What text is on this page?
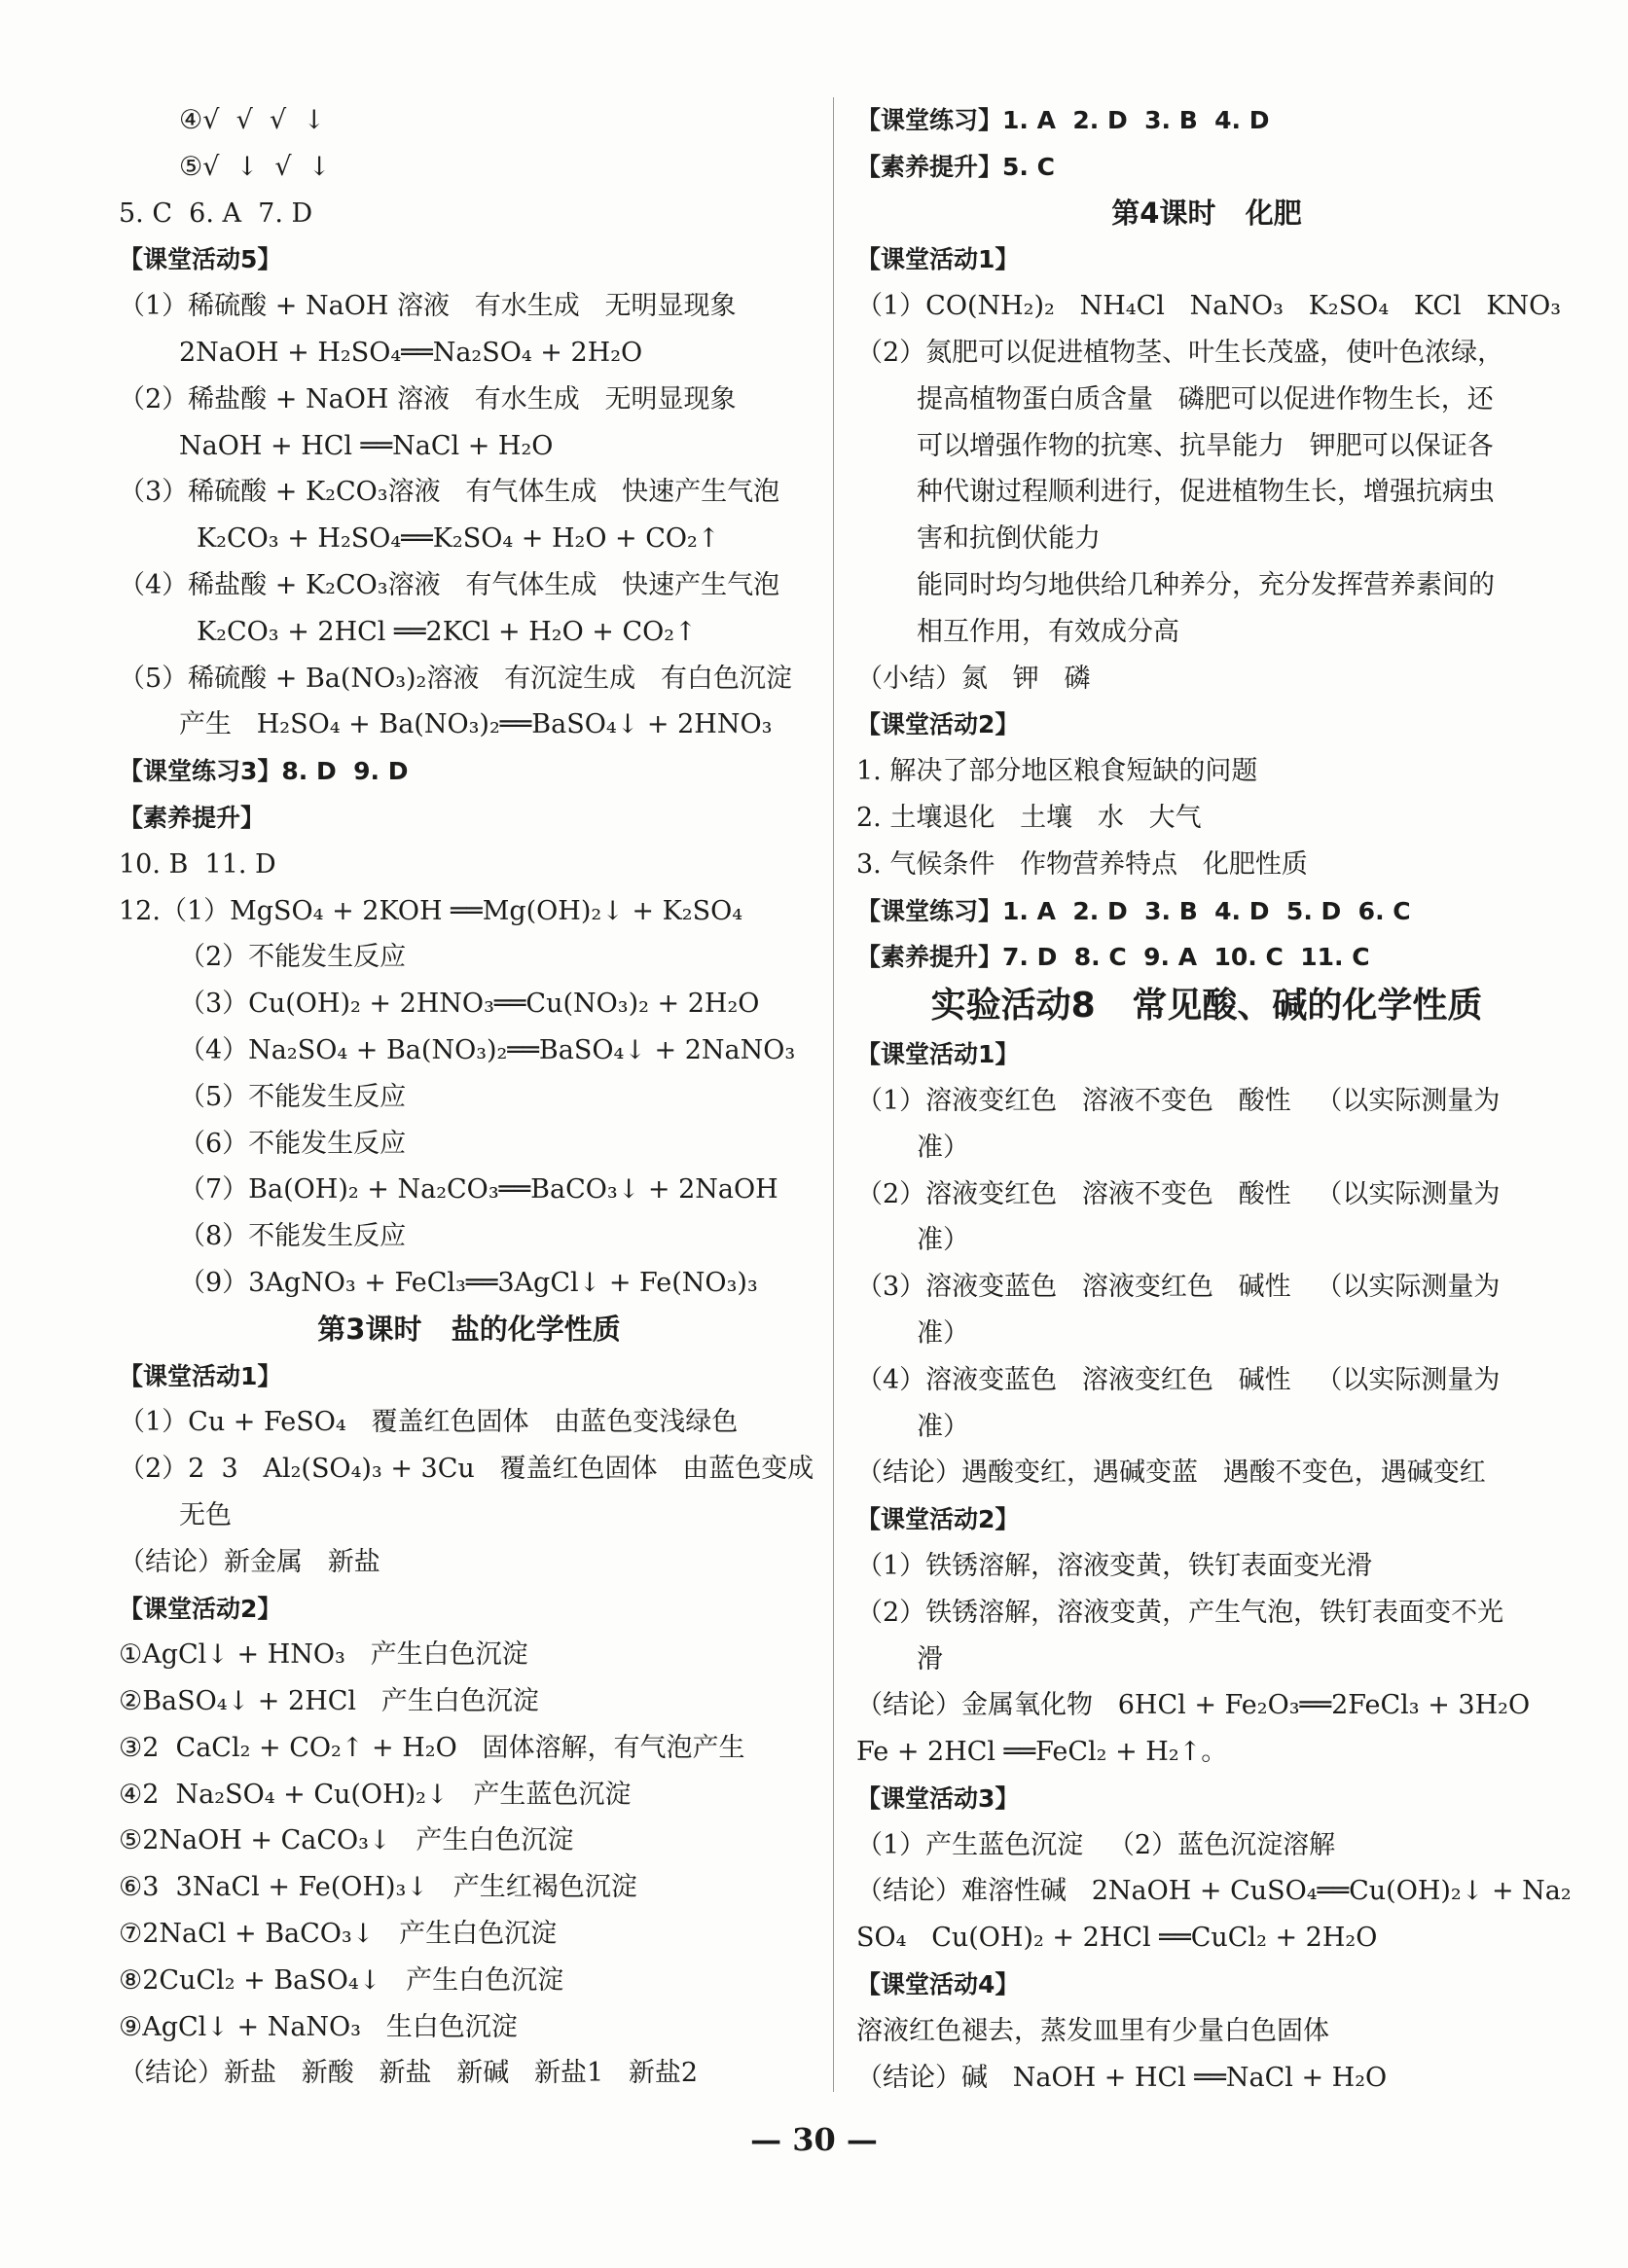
④√  √  √  ↓
⑤√  ↓  √  ↓
5. C  6. A  7. D
【课堂活动5】
（1）稀硫酸 + NaOH 溶液   有水生成   无明显现象
2NaOH + H₂SO₄══Na₂SO₄ + 2H₂O
（2）稀盐酸 + NaOH 溶液   有水生成   无明显现象
NaOH + HCl ══NaCl + H₂O
（3）稀硫酸 + K₂CO₃溶液   有气体生成   快速产生气泡
K₂CO₃ + H₂SO₄══K₂SO₄ + H₂O + CO₂↑
（4）稀盐酸 + K₂CO₃溶液   有气体生成   快速产生气泡
K₂CO₃ + 2HCl ══2KCl + H₂O + CO₂↑
（5）稀硫酸 + Ba(NO₃)₂溶液   有沉淀生成   有白色沉淀
产生   H₂SO₄ + Ba(NO₃)₂══BaSO₄↓ + 2HNO₃
【课堂练习3】8. D  9. D
【素养提升】
10. B  11. D
12.（1）MgSO₄ + 2KOH ══Mg(OH)₂↓ + K₂SO₄
（2）不能发生反应
（3）Cu(OH)₂ + 2HNO₃══Cu(NO₃)₂ + 2H₂O
（4）Na₂SO₄ + Ba(NO₃)₂══BaSO₄↓ + 2NaNO₃
（5）不能发生反应
（6）不能发生反应
（7）Ba(OH)₂ + Na₂CO₃══BaCO₃↓ + 2NaOH
（8）不能发生反应
（9）3AgNO₃ + FeCl₃══3AgCl↓ + Fe(NO₃)₃
第3课时   盐的化学性质
【课堂活动1】
（1）Cu + FeSO₄   覆盖红色固体   由蓝色变浅绿色
（2）2  3   Al₂(SO₄)₃ + 3Cu   覆盖红色固体   由蓝色变成
无色
（结论）新金属   新盐
【课堂活动2】
①AgCl↓ + HNO₃   产生白色沉淀
②BaSO₄↓ + 2HCl   产生白色沉淀
③2  CaCl₂ + CO₂↑ + H₂O   固体溶解，有气泡产生
④2  Na₂SO₄ + Cu(OH)₂↓   产生蓝色沉淀
⑤2NaOH + CaCO₃↓   产生白色沉淀
⑥3  3NaCl + Fe(OH)₃↓   产生红褐色沉淀
⑦2NaCl + BaCO₃↓   产生白色沉淀
⑧2CuCl₂ + BaSO₄↓   产生白色沉淀
⑨AgCl↓ + NaNO₃   生白色沉淀
（结论）新盐   新酸   新盐   新碱   新盐1   新盐2
【课堂练习】1. A  2. D  3. B  4. D
【素养提升】5. C
第4课时   化肥
【课堂活动1】
（1）CO(NH₂)₂   NH₄Cl   NaNO₃   K₂SO₄   KCl   KNO₃
（2）氮肥可以促进植物茎、叶生长茂盛，使叶色浓绿，
提高植物蛋白质含量   磷肥可以促进作物生长，还
可以增强作物的抗寒、抗旱能力   钾肥可以保证各
种代谢过程顺利进行，促进植物生长，增强抗病虫
害和抗倒伏能力
能同时均匀地供给几种养分，充分发挥营养素间的
相互作用，有效成分高
（小结）氮   钾   磷
【课堂活动2】
1. 解决了部分地区粮食短缺的问题
2. 土壤退化   土壤   水   大气
3. 气候条件   作物营养特点   化肥性质
【课堂练习】1. A  2. D  3. B  4. D  5. D  6. C
【素养提升】7. D  8. C  9. A  10. C  11. C
实验活动8   常见酸、碱的化学性质
【课堂活动1】
（1）溶液变红色   溶液不变色   酸性   （以实际测量为
准）
（2）溶液变红色   溶液不变色   酸性   （以实际测量为
准）
（3）溶液变蓝色   溶液变红色   碱性   （以实际测量为
准）
（4）溶液变蓝色   溶液变红色   碱性   （以实际测量为
准）
（结论）遇酸变红，遇碱变蓝   遇酸不变色，遇碱变红
【课堂活动2】
（1）铁锈溶解，溶液变黄，铁钉表面变光滑
（2）铁锈溶解，溶液变黄，产生气泡，铁钉表面变不光
滑
（结论）金属氧化物   6HCl + Fe₂O₃══2FeCl₃ + 3H₂O
Fe + 2HCl ══FeCl₂ + H₂↑。
【课堂活动3】
（1）产生蓝色沉淀   （2）蓝色沉淀溶解
（结论）难溶性碱   2NaOH + CuSO₄══Cu(OH)₂↓ + Na₂
SO₄   Cu(OH)₂ + 2HCl ══CuCl₂ + 2H₂O
【课堂活动4】
溶液红色褪去，蒸发皿里有少量白色固体
（结论）碱   NaOH + HCl ══NaCl + H₂O
— 30 —
